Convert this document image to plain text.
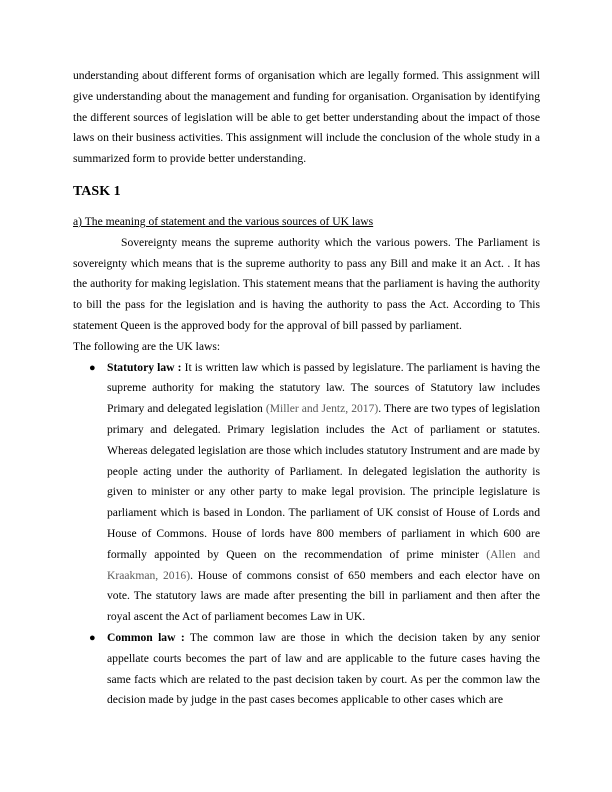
understanding about different forms of organisation which are legally formed. This assignment will give understanding about the management and funding for organisation. Organisation by identifying the different sources of legislation will be able to get better understanding about the impact of those laws on their business activities. This assignment will include the conclusion of the whole study in a summarized form to provide better understanding.

TASK 1

a) The meaning of statement and the various sources of UK laws

Sovereignty means the supreme authority which the various powers. The Parliament is sovereignty which means that is the supreme authority to pass any Bill and make it an Act. . It has the authority for making legislation. This statement means that the parliament is having the authority to bill the pass for the legislation and is having the authority to pass the Act. According to This statement Queen is the approved body for the approval of bill passed by parliament.

The following are the UK laws:

● Statutory law : It is written law which is passed by legislature. The parliament is having the supreme authority for making the statutory law. The sources of Statutory law includes Primary and delegated legislation (Miller and Jentz, 2017). There are two types of legislation primary and delegated. Primary legislation includes the Act of parliament or statutes. Whereas delegated legislation are those which includes statutory Instrument and are made by people acting under the authority of Parliament. In delegated legislation the authority is given to minister or any other party to make legal provision. The principle legislature is parliament which is based in London. The parliament of UK consist of House of Lords and House of Commons. House of lords have 800 members of parliament in which 600 are formally appointed by Queen on the recommendation of prime minister (Allen and Kraakman, 2016). House of commons consist of 650 members and each elector have on vote. The statutory laws are made after presenting the bill in parliament and then after the royal ascent the Act of parliament becomes Law in UK.
● Common law : The common law are those in which the decision taken by any senior appellate courts becomes the part of law and are applicable to the future cases having the same facts which are related to the past decision taken by court. As per the common law the decision made by judge in the past cases becomes applicable to other cases which are
